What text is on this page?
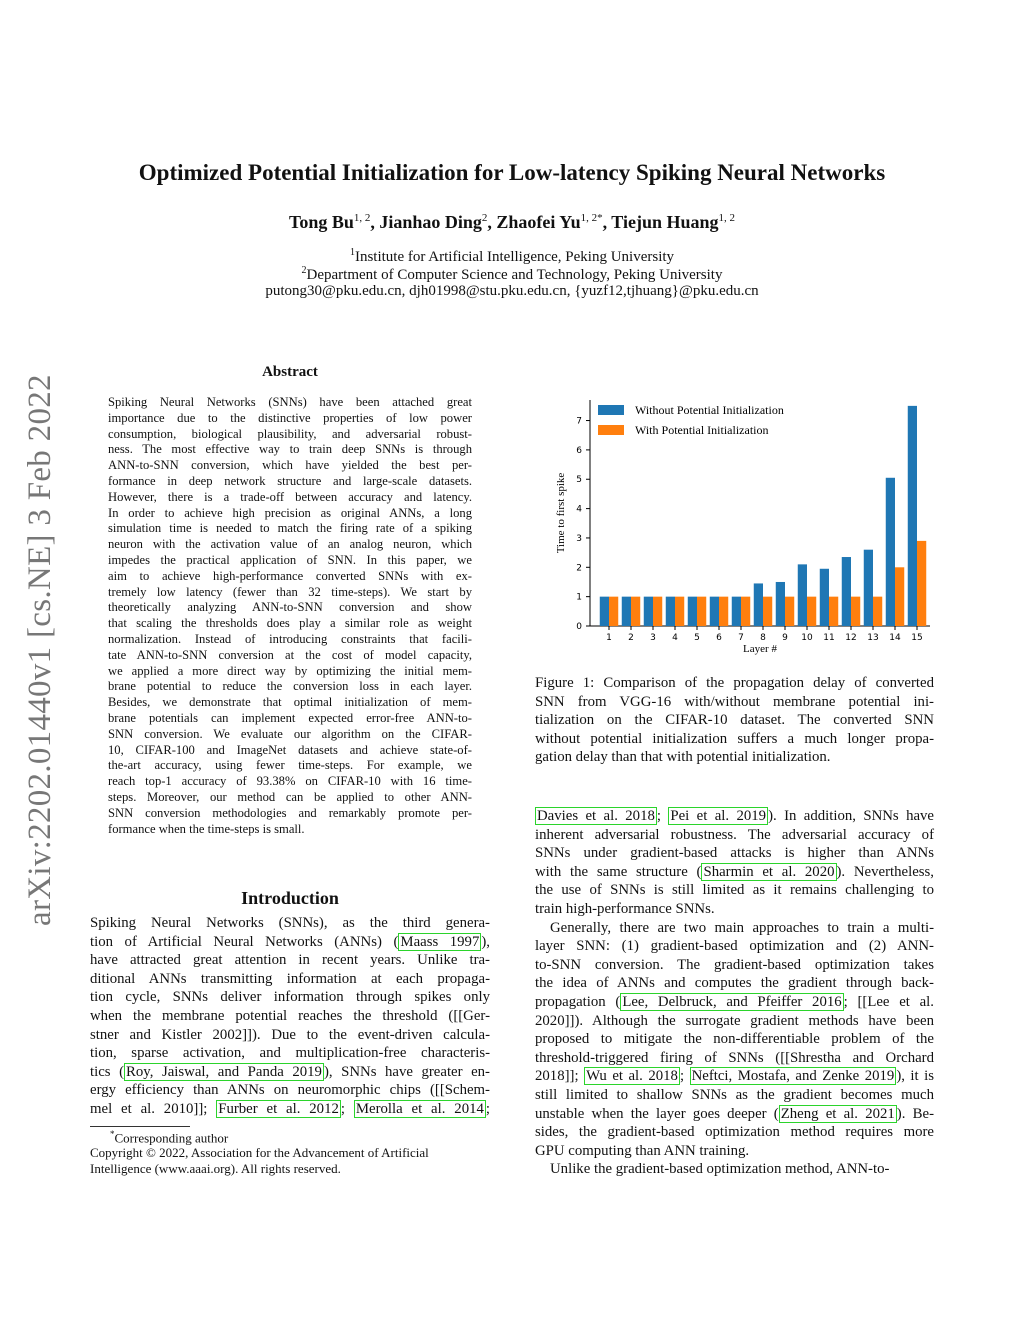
arXiv:2202.01440v1 [cs.NE] 3 Feb 2022
Optimized Potential Initialization for Low-latency Spiking Neural Networks
Tong Bu$^{1, 2}$, Jianhao Ding$^2$, Zhaofei $Yu^{1, 2*}$, Tiejun Huang$^{1, 2}$
$^1$Institute for Artificial Intelligence, Peking University
$^2$Department of Computer Science and Technology, Peking University
putong30@pku.edu.cn, djh01998@stu.pku.edu.cn, {yuzf12,tjhuang}@pku.edu.cn
Abstract
Spiking Neural Networks (SNNs) have been attached great
importance due to the distinctive properties of low power
consumption, biological plausibility, and adversarial robust-
ness. The most effective way to train deep SNNs is through
ANN-to-SNN conversion, which have yielded the best per-
formance in deep network structure and large-scale datasets.
However, there is a trade-off between accuracy and latency.
In order to achieve high precision as original ANNs, a long
simulation time is needed to match the firing rate of a spiking
neuron with the activation value of an analog neuron, which
impedes the practical application of SNN. In this paper, we
aim to achieve high-performance converted SNNs with ex-
tremely low latency (fewer than 32 time-steps). We start by
theoretically analyzing ANN-to-SNN conversion and show
that scaling the thresholds does play a similar role as weight
normalization. Instead of introducing constraints that facili-
tate ANN-to-SNN conversion at the cost of model capacity,
we applied a more direct way by optimizing the initial mem-
brane potential to reduce the conversion loss in each layer.
Besides, we demonstrate that optimal initialization of mem-
brane potentials can implement expected error-free ANN-to-
SNN conversion. We evaluate our algorithm on the CIFAR-
10, CIFAR-100 and ImageNet datasets and achieve state-of-
the-art accuracy, using fewer time-steps. For example, we
reach top-1 accuracy of 93.38% on CIFAR-10 with 16 time-
steps. Moreover, our method can be applied to other ANN-
SNN conversion methodologies and remarkably promote per-
formance when the time-steps is small.
Introduction
Spiking Neural Networks (SNNs), as the third genera-
tion of Artificial Neural Networks (ANNs) ( Maass 1997 ),
have attracted great attention in recent years. Unlike tra-
ditional ANNs transmitting information at each propaga-
tion cycle, SNNs deliver information through spikes only
when the membrane potential reaches the threshold ([[Ger-
stner and Kistler 2002]]). Due to the event-driven calcula-
tion, sparse activation, and multiplication-free characteris-
tics ( Roy, Jaiswal, and Panda 2019 ), SNNs have greater en-
ergy efficiency than ANNs on neuromorphic chips ([[Schem-
mel et al. 2010]]; Furber et al. 2012 ; Merolla et al. 2014 ;
*Corresponding author
Copyright © 2022, Association for the Advancement of Artificial
Intelligence (www.aaai.org). All rights reserved.
0
1
2
3
4
5
6
7
1 2 3 4 5 6 7 8 9 10 11 12 13 14 15
Time to first spike
Layer #
Without Potential Initialization
With Potential Initialization
Figure 1: Comparison of the propagation delay of converted
SNN from VGG-16 with/without membrane potential ini-
tialization on the CIFAR-10 dataset. The converted SNN
without potential initialization suffers a much longer propa-
gation delay than that with potential initialization.
Davies et al. 2018 ; Pei et al. 2019 ). In addition, SNNs have
inherent adversarial robustness. The adversarial accuracy of
SNNs under gradient-based attacks is higher than ANNs
with the same structure ( Sharmin et al. 2020 ). Nevertheless,
the use of SNNs is still limited as it remains challenging to
train high-performance SNNs.
Generally, there are two main approaches to train a multi-
layer SNN: (1) gradient-based optimization and (2) ANN-
to-SNN conversion. The gradient-based optimization takes
the idea of ANNs and computes the gradient through back-
propagation ( Lee, Delbruck, and Pfeiffer 2016 ; [[Lee et al.
2020]]). Although the surrogate gradient methods have been
proposed to mitigate the non-differentiable problem of the
threshold-triggered firing of SNNs ([[Shrestha and Orchard
2018]]; Wu et al. 2018 ; Neftci, Mostafa, and Zenke 2019 ), it is
still limited to shallow SNNs as the gradient becomes much
unstable when the layer goes deeper ( Zheng et al. 2021 ). Be-
sides, the gradient-based optimization method requires more
GPU computing than ANN training.
Unlike the gradient-based optimization method, ANN-to-
